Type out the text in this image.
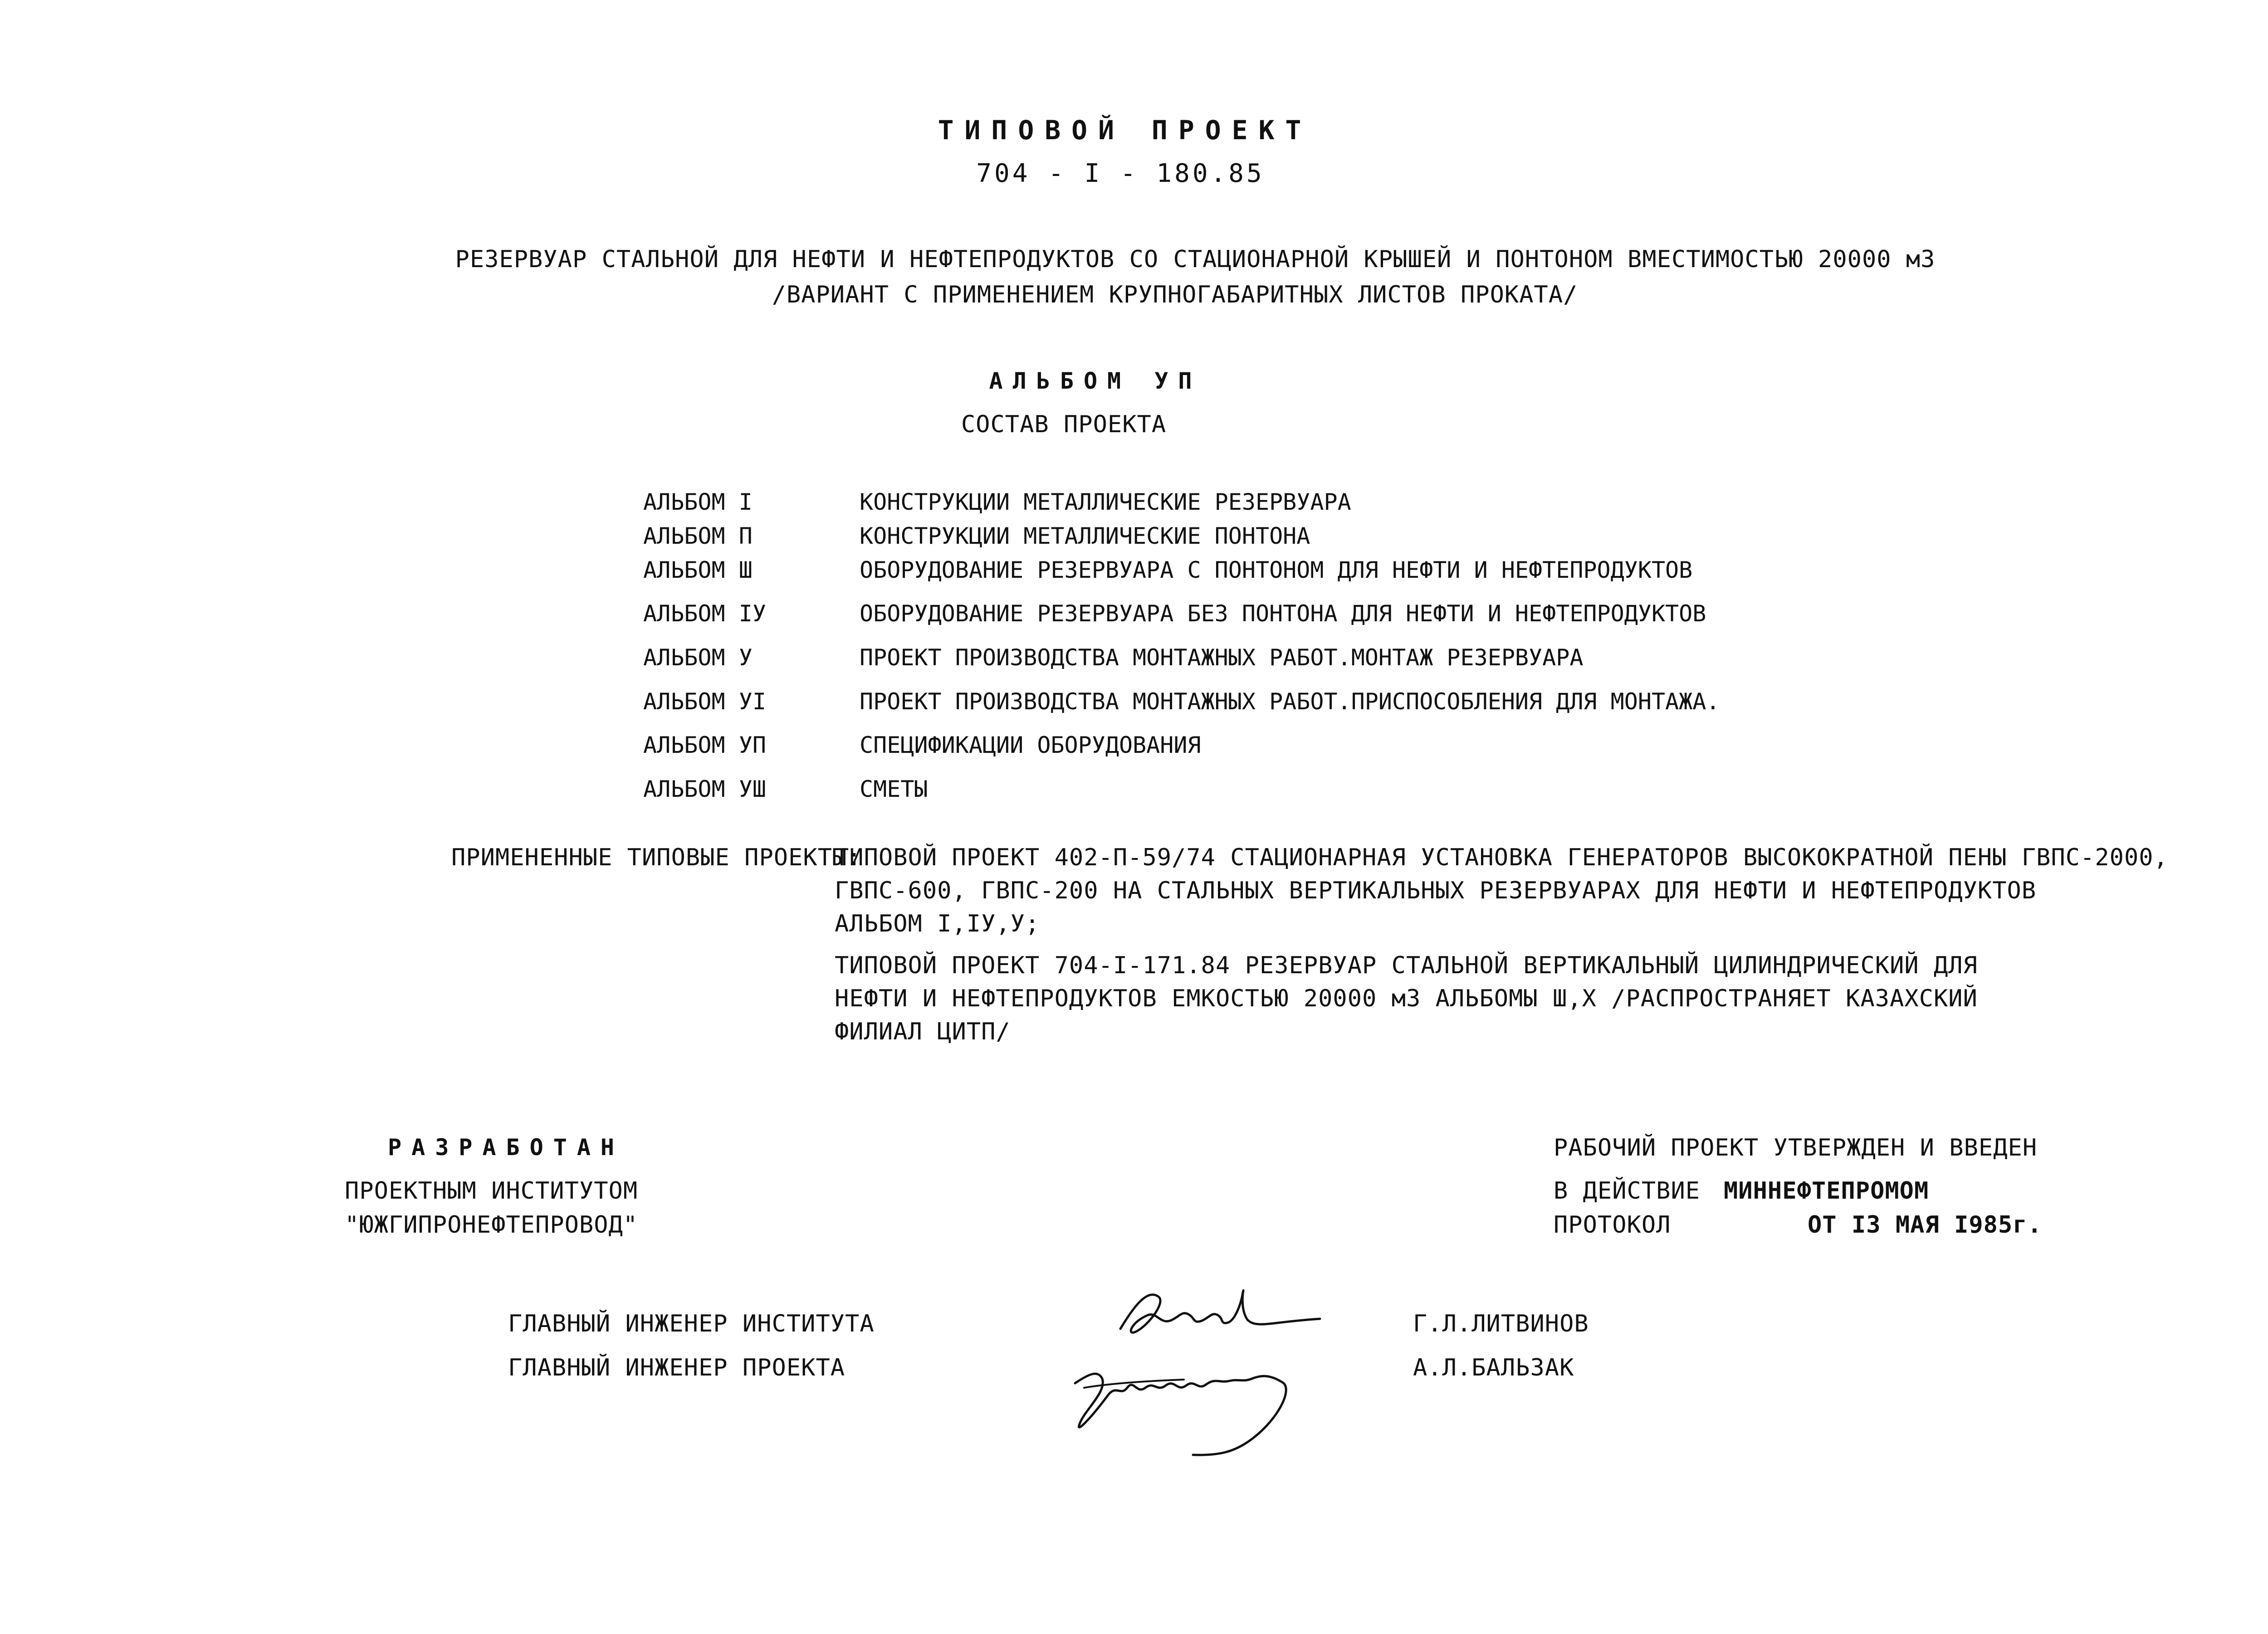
ТИПОВОЙ ПРОЕКТ
704 - I - 180.85
РЕЗЕРВУАР СТАЛЬНОЙ ДЛЯ НЕФТИ И НЕФТЕПРОДУКТОВ СО СТАЦИОНАРНОЙ КРЫШЕЙ И ПОНТОНОМ ВМЕСТИМОСТЬЮ 20000 м3
/ВАРИАНТ С ПРИМЕНЕНИЕМ КРУПНОГАБАРИТНЫХ ЛИСТОВ ПРОКАТА/
АЛЬБОМ УП
СОСТАВ ПРОЕКТА
АЛЬБОМ I	КОНСТРУКЦИИ МЕТАЛЛИЧЕСКИЕ РЕЗЕРВУАРА
АЛЬБОМ П	КОНСТРУКЦИИ МЕТАЛЛИЧЕСКИЕ ПОНТОНА
АЛЬБОМ Ш	ОБОРУДОВАНИЕ РЕЗЕРВУАРА С ПОНТОНОМ ДЛЯ НЕФТИ И НЕФТЕПРОДУКТОВ
АЛЬБОМ IУ	ОБОРУДОВАНИЕ РЕЗЕРВУАРА БЕЗ ПОНТОНА ДЛЯ НЕФТИ И НЕФТЕПРОДУКТОВ
АЛЬБОМ У	ПРОЕКТ ПРОИЗВОДСТВА МОНТАЖНЫХ РАБОТ.МОНТАЖ РЕЗЕРВУАРА
АЛЬБОМ УI	ПРОЕКТ ПРОИЗВОДСТВА МОНТАЖНЫХ РАБОТ.ПРИСПОСОБЛЕНИЯ ДЛЯ МОНТАЖА.
АЛЬБОМ УП	СПЕЦИФИКАЦИИ ОБОРУДОВАНИЯ
АЛЬБОМ УШ	СМЕТЫ
ПРИМЕНЕННЫЕ ТИПОВЫЕ ПРОЕКТЫ:
ТИПОВОЙ ПРОЕКТ 402-П-59/74 СТАЦИОНАРНАЯ УСТАНОВКА ГЕНЕРАТОРОВ ВЫСОКОКРАТНОЙ ПЕНЫ ГВПС-2000,
ГВПС-600, ГВПС-200 НА СТАЛЬНЫХ ВЕРТИКАЛЬНЫХ РЕЗЕРВУАРАХ ДЛЯ НЕФТИ И НЕФТЕПРОДУКТОВ
АЛЬБОМ I,IУ,У;
ТИПОВОЙ ПРОЕКТ 704-I-171.84 РЕЗЕРВУАР СТАЛЬНОЙ ВЕРТИКАЛЬНЫЙ ЦИЛИНДРИЧЕСКИЙ ДЛЯ
НЕФТИ И НЕФТЕПРОДУКТОВ ЕМКОСТЬЮ 20000 м3 АЛЬБОМЫ Ш,Х /РАСПРОСТРАНЯЕТ КАЗАХСКИЙ
ФИЛИАЛ ЦИТП/
РАЗРАБОТАН
ПРОЕКТНЫМ ИНСТИТУТОМ
"ЮЖГИПРОНЕФТЕПРОВОД"
РАБОЧИЙ ПРОЕКТ УТВЕРЖДЕН И ВВЕДЕН
В ДЕЙСТВИЕ МИННЕФТЕПРОМОМ
ПРОТОКОЛ	ОТ I3 МАЯ I985г.
ГЛАВНЫЙ ИНЖЕНЕР ИНСТИТУТА	Г.Л.ЛИТВИНОВ
ГЛАВНЫЙ ИНЖЕНЕР ПРОЕКТА	А.Л.БАЛЬЗАК
